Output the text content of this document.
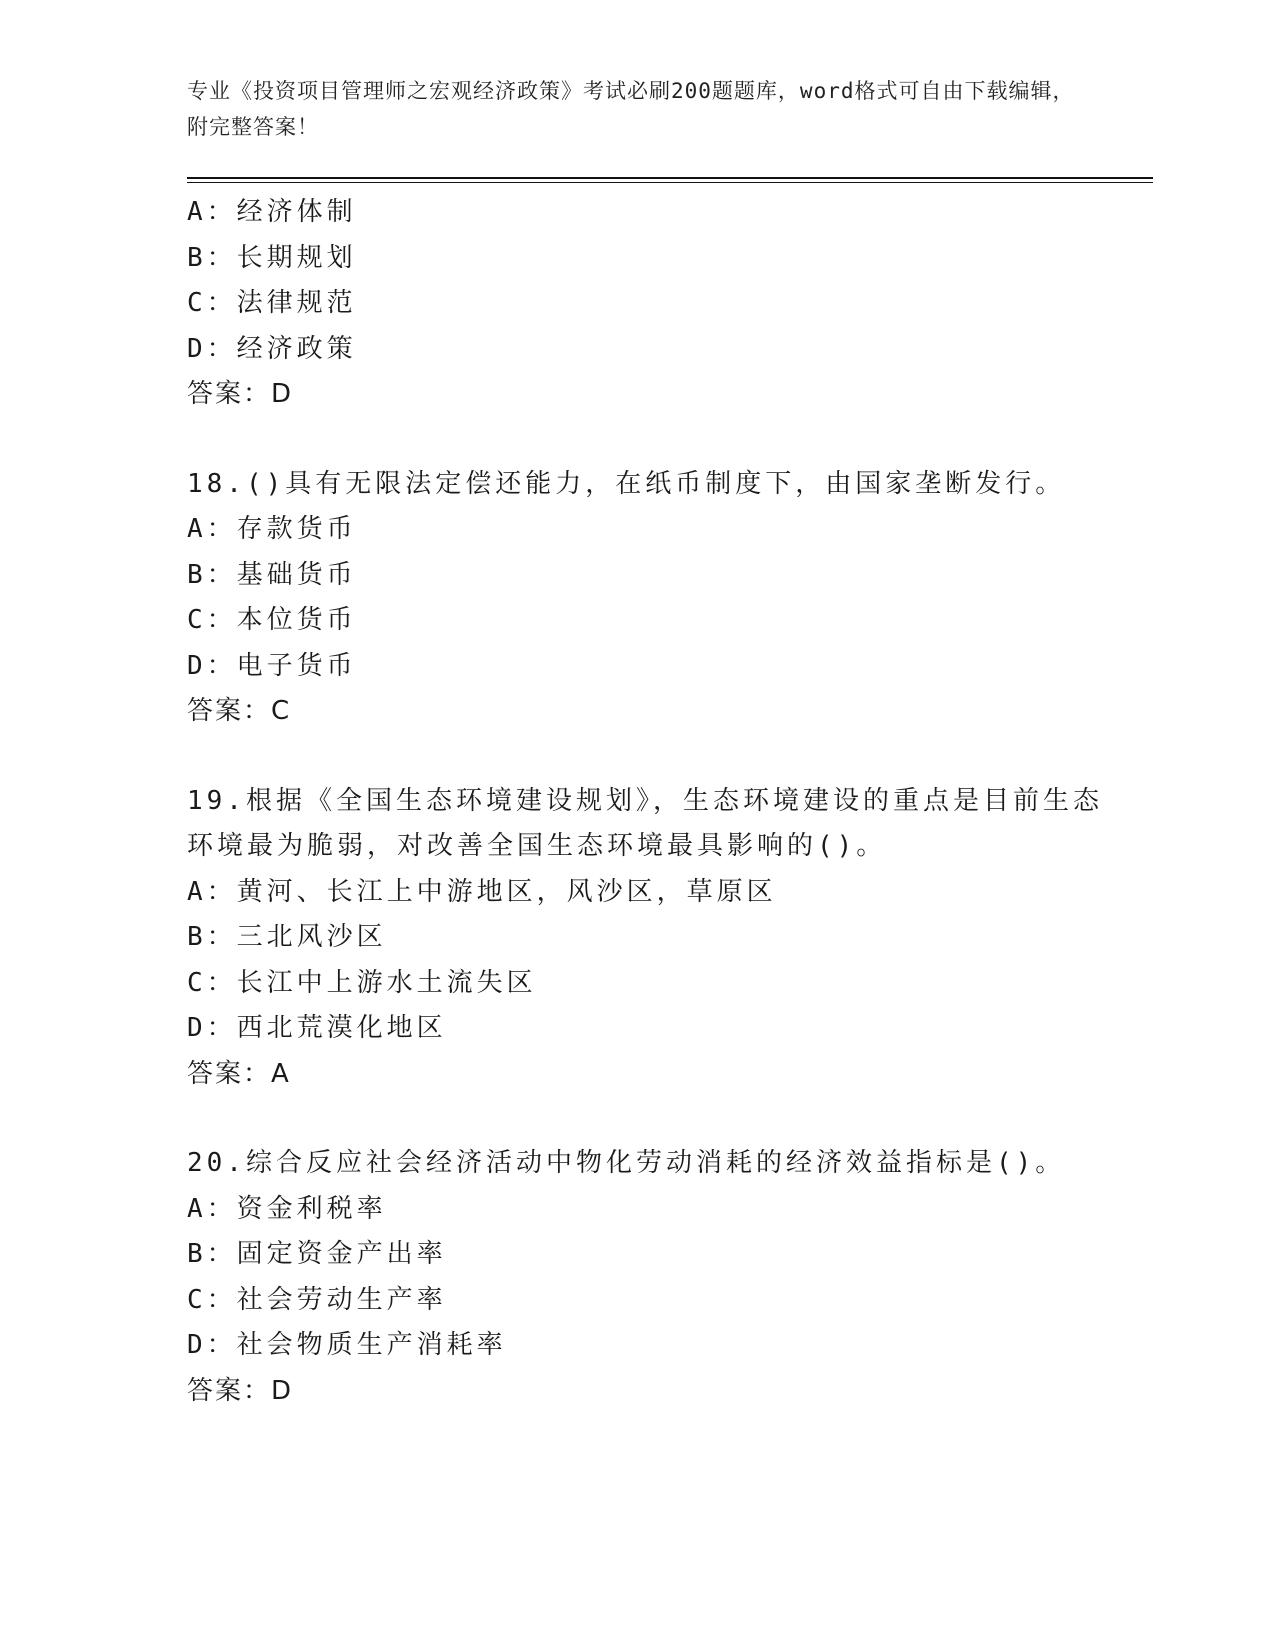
专业《投资项目管理师之宏观经济政策》考试必刷200题题库，word格式可自由下载编辑，附完整答案！
A：经济体制
B：长期规划
C：法律规范
D：经济政策
答案：D
18.()具有无限法定偿还能力，在纸币制度下，由国家垄断发行。
A：存款货币
B：基础货币
C：本位货币
D：电子货币
答案：C
19.根据《全国生态环境建设规划》，生态环境建设的重点是目前生态
环境最为脆弱，对改善全国生态环境最具影响的()。
A：黄河、长江上中游地区，风沙区，草原区
B：三北风沙区
C：长江中上游水土流失区
D：西北荒漠化地区
答案：A
20.综合反应社会经济活动中物化劳动消耗的经济效益指标是()。
A：资金利税率
B：固定资金产出率
C：社会劳动生产率
D：社会物质生产消耗率
答案：D
